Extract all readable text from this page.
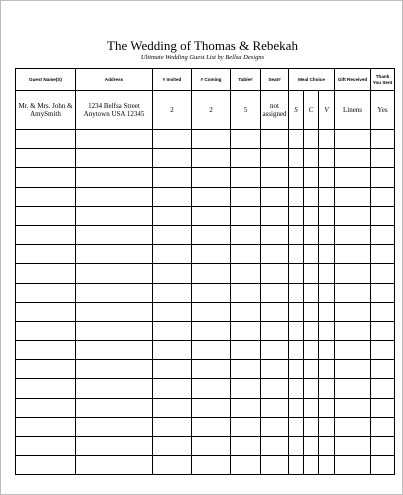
The Wedding of Thomas & Rebekah
Ultimate Wedding Guest List by Bellsa Designs
Guest Name(S)	Address	# Invited	# Coming	Table#	Seat#	Meal Choice			Gift Received	Thank You Sent
Mr. & Mrs. John & AmySmith	1234 Belfsa Street Anytown USA 12345	2	2	5	not assigned	S	C	V	Linens	Yes
